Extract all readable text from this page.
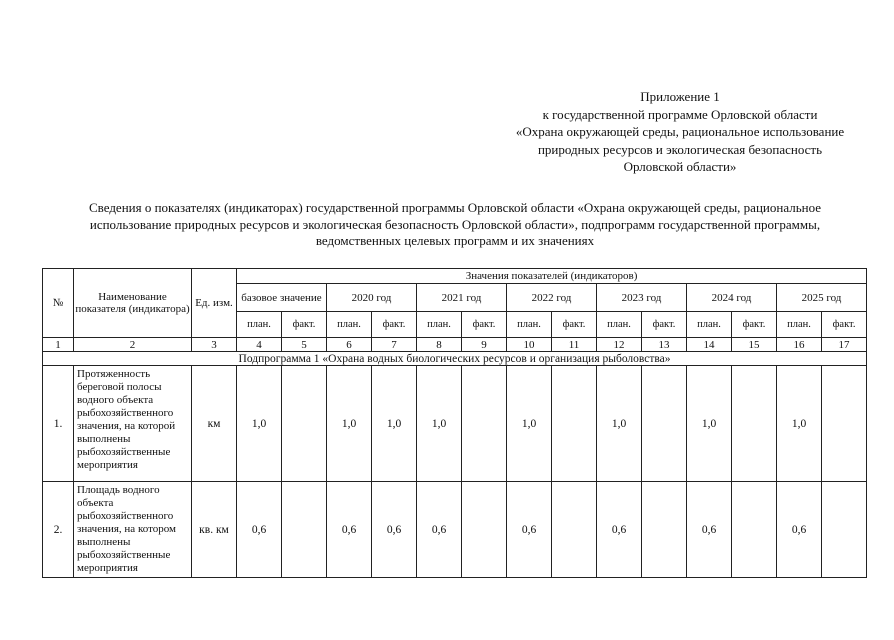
Приложение 1
к государственной программе Орловской области
«Охрана окружающей среды, рациональное использование
природных ресурсов и экологическая безопасность
Орловской области»
Сведения о показателях (индикаторах) государственной программы Орловской области «Охрана окружающей среды, рациональное
использование природных ресурсов и экологическая безопасность Орловской области», подпрограмм государственной программы,
ведомственных целевых программ и их значениях
№	Наименование показателя (индикатора)	Ед. изм.	Значения показателей (индикаторов)													
			базовое значение		2020 год		2021 год		2022 год		2023 год		2024 год		2025 год	
			план.	факт.	план.	факт.	план.	факт.	план.	факт.	план.	факт.	план.	факт.	план.	факт.
1	2	3	4	5	6	7	8	9	10	11	12	13	14	15	16	17
Подпрограмма 1 «Охрана водных биологических ресурсов и организация рыболовства»																
1.	Протяженность береговой полосы водного объекта рыбохозяйственного значения, на которой выполнены рыбохозяйственные мероприятия	км	1,0		1,0	1,0	1,0		1,0		1,0		1,0		1,0	
2.	Площадь водного объекта рыбохозяйственного значения, на котором выполнены рыбохозяйственные мероприятия	кв. км	0,6		0,6	0,6	0,6		0,6		0,6		0,6		0,6	
